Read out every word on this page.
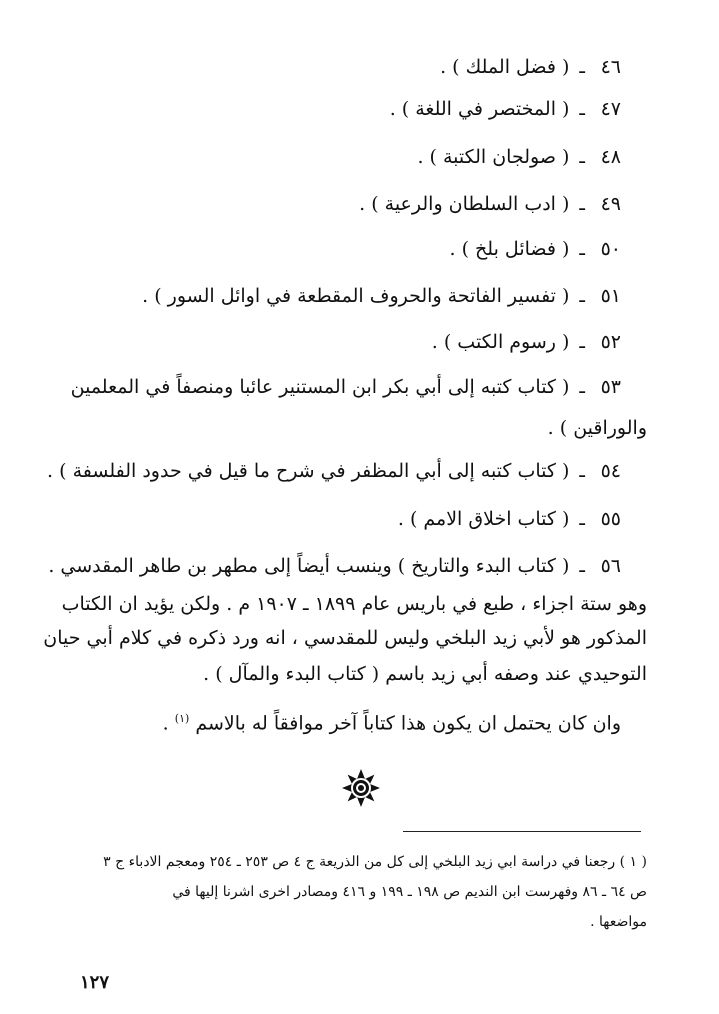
٤٦ـ( فضل الملك ) .
٤٧ـ( المختصر في اللغة ) .
٤٨ـ( صولجان الكتبة ) .
٤٩ـ( ادب السلطان والرعية ) .
٥٠ـ( فضائل بلخ ) .
٥١ـ( تفسير الفاتحة والحروف المقطعة في اوائل السور ) .
٥٢ـ( رسوم الكتب ) .
٥٣ـ( كتاب كتبه إلى أبي بكر ابن المستنير عائبا ومنصفاً في المعلمين
والوراقين ) .
٥٤ـ( كتاب كتبه إلى أبي المظفر في شرح ما قيل في حدود الفلسفة ) .
٥٥ـ( كتاب اخلاق الامم ) .
٥٦ـ( كتاب البدء والتاريخ ) وينسب أيضاً إلى مطهر بن طاهر المقدسي .
وهو ستة اجزاء ، طبع في باريس عام ١٨٩٩ ـ ١٩٠٧ م . ولكن يؤيد ان الكتاب
المذكور هو لأبي زيد البلخي وليس للمقدسي ، انه ورد ذكره في كلام أبي حيان
التوحيدي عند وصفه أبي زيد باسم ( كتاب البدء والمآل ) .
وان كان يحتمل ان يكون هذا كتاباً آخر موافقاً له بالاسم $^{(١)}$ .
( ١ ) رجعنا في دراسة ابي زيد البلخي إلى كل من الذريعة ج ٤ ص ٢٥٣ ـ ٢٥٤ ومعجم الادباء ج ٣
ص ٦٤ ـ ٨٦ وفهرست ابن النديم ص ١٩٨ ـ ١٩٩ و ٤١٦ ومصادر اخرى اشرنا إليها في
مواضعها .
١٢٧
